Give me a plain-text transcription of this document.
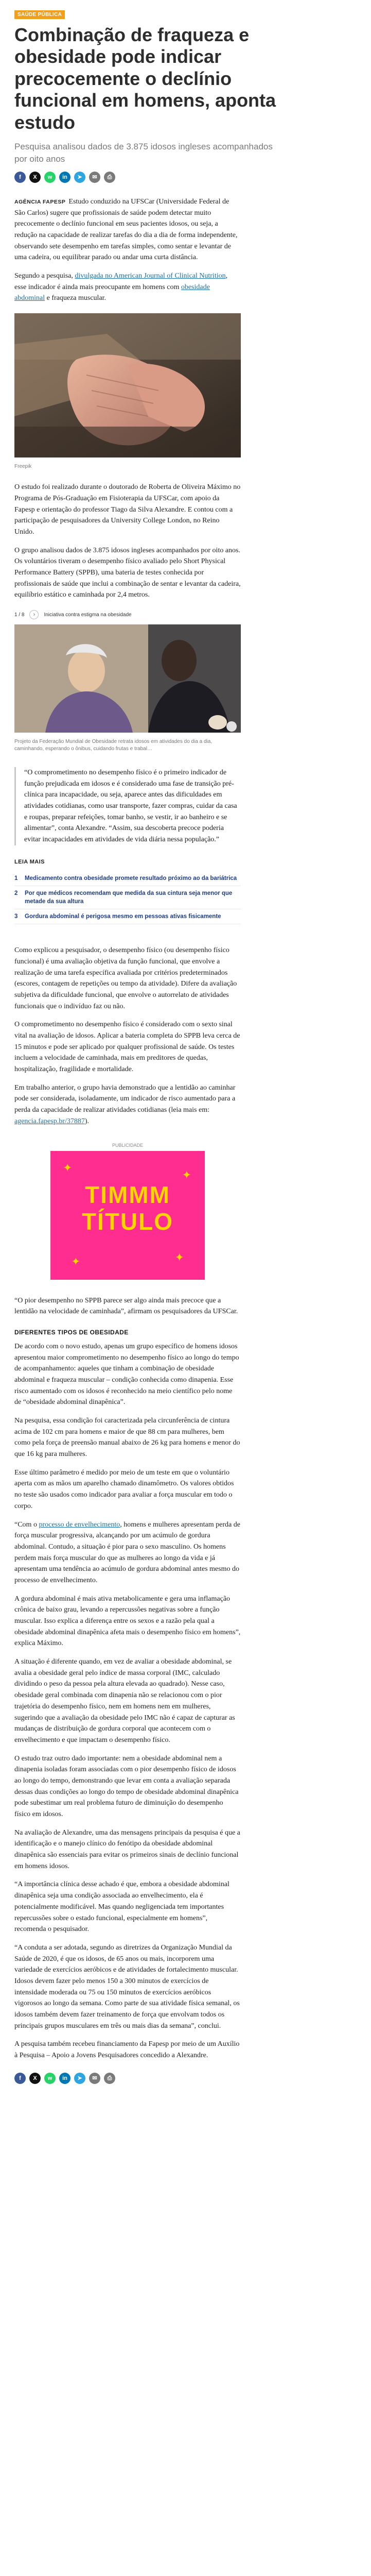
SAÚDE PÚBLICA
Combinação de fraqueza e obesidade pode indicar precocemente o declínio funcional em homens, aponta estudo

Pesquisa analisou dados de 3.875 idosos ingleses acompanhados por oito anos

f	X	w	in	➤	✉	⎙

AGÊNCIA FAPESP Estudo conduzido na UFSCar (Universidade Federal de São Carlos) sugere que profissionais de saúde podem detectar muito precocemente o declínio funcional em seus pacientes idosos, ou seja, a redução na capacidade de realizar tarefas do dia a dia de forma independente, observando sete desempenho em tarefas simples, como sentar e levantar de uma cadeira, ou equilibrar parado ou andar uma curta distância.

Segundo a pesquisa, divulgada no American Journal of Clinical Nutrition, esse indicador é ainda mais preocupante em homens com obesidade abdominal e fraqueza muscular.

Freepik

O estudo foi realizado durante o doutorado de Roberta de Oliveira Máximo no Programa de Pós-Graduação em Fisioterapia da UFSCar, com apoio da Fapesp e orientação do professor Tiago da Silva Alexandre. E contou com a participação de pesquisadores da University College London, no Reino Unido.

O grupo analisou dados de 3.875 idosos ingleses acompanhados por oito anos. Os voluntários tiveram o desempenho físico avaliado pelo Short Physical Performance Battery (SPPB), uma bateria de testes conhecida por profissionais de saúde que inclui a combinação de sentar e levantar da cadeira, equilíbrio estático e caminhada por 2,4 metros.

1 / 8	›	Iniciativa contra estigma na obesidade
Projeto da Federação Mundial de Obesidade retrata idosos em atividades do dia a dia, caminhando, esperando o ônibus, cuidando frutas e trabal…
“O comprometimento no desempenho físico é o primeiro indicador de função prejudicada em idosos e é considerado uma fase de transição pré-clínica para incapacidade, ou seja, aparece antes das dificuldades em atividades cotidianas, como usar transporte, fazer compras, cuidar da casa e roupas, preparar refeições, tomar banho, se vestir, ir ao banheiro e se alimentar”, conta Alexandre. “Assim, sua descoberta precoce poderia evitar incapacidades em atividades de vida diária nessa população.”
LEIA MAIS
1	Medicamento contra obesidade promete resultado próximo ao da bariátrica
2	Por que médicos recomendam que medida da sua cintura seja menor que metade da sua altura
3	Gordura abdominal é perigosa mesmo em pessoas ativas fisicamente

Como explicou a pesquisador, o desempenho físico (ou desempenho físico funcional) é uma avaliação objetiva da função funcional, que envolve a realização de uma tarefa específica avaliada por critérios predeterminados (escores, contagem de repetições ou tempo da atividade). Difere da avaliação subjetiva da dificuldade funcional, que envolve o autorrelato de atividades funcionais que o indivíduo faz ou não.

O comprometimento no desempenho físico é considerado com o sexto sinal vital na avaliação de idosos. Aplicar a bateria completa do SPPB leva cerca de 15 minutos e pode ser aplicado por qualquer profissional de saúde. Os testes incluem a velocidade de caminhada, mais em preditores de quedas, hospitalização, fragilidade e mortalidade.

Em trabalho anterior, o grupo havia demonstrado que a lentidão ao caminhar pode ser considerada, isoladamente, um indicador de risco aumentado para a perda da capacidade de realizar atividades cotidianas (leia mais em: agencia.fapesp.br/37887).

PUBLICIDADE
✦
✦
✦	✦
TIMMM
TÍTULO

“O pior desempenho no SPPB parece ser algo ainda mais precoce que a lentidão na velocidade de caminhada”, afirmam os pesquisadores da UFSCar.

DIFERENTES TIPOS DE OBESIDADE

De acordo com o novo estudo, apenas um grupo específico de homens idosos apresentou maior comprometimento no desempenho físico ao longo do tempo de acompanhamento: aqueles que tinham a combinação de obesidade abdominal e fraqueza muscular – condição conhecida como dinapenia. Esse risco aumentado com os idosos é reconhecido na meio científico pelo nome de “obesidade abdominal dinapênica”.

Na pesquisa, essa condição foi caracterizada pela circunferência de cintura acima de 102 cm para homens e maior de que 88 cm para mulheres, bem como pela força de preensão manual abaixo de 26 kg para homens e menor do que 16 kg para mulheres.

Esse último parâmetro é medido por meio de um teste em que o voluntário aperta com as mãos um aparelho chamado dinamômetro. Os valores obtidos no teste são usados como indicador para avaliar a força muscular em todo o corpo.

“Com o processo de envelhecimento, homens e mulheres apresentam perda de força muscular progressiva, alcançando por um acúmulo de gordura abdominal. Contudo, a situação é pior para o sexo masculino. Os homens perdem mais força muscular do que as mulheres ao longo da vida e já apresentam uma tendência ao acúmulo de gordura abdominal antes mesmo do processo de envelhecimento.

A gordura abdominal é mais ativa metabolicamente e gera uma inflamação crônica de baixo grau, levando a repercussões negativas sobre a função muscular. Isso explica a diferença entre os sexos e a razão pela qual a obesidade abdominal dinapênica afeta mais o desempenho físico em homens”, explica Máximo.

A situação é diferente quando, em vez de avaliar a obesidade abdominal, se avalia a obesidade geral pelo índice de massa corporal (IMC, calculado dividindo o peso da pessoa pela altura elevada ao quadrado). Nesse caso, obesidade geral combinada com dinapenia não se relacionou com o pior trajetória do desempenho físico, nem em homens nem em mulheres, sugerindo que a avaliação da obesidade pelo IMC não é capaz de capturar as mudanças de distribuição de gordura corporal que acontecem com o envelhecimento e que impactam o desempenho físico.

O estudo traz outro dado importante: nem a obesidade abdominal nem a dinapenia isoladas foram associadas com o pior desempenho físico de idosos ao longo do tempo, demonstrando que levar em conta a avaliação separada dessas duas condições ao longo do tempo de obesidade abdominal dinapênica pode subestimar um real problema futuro de diminuição do desempenho físico em idosos.

Na avaliação de Alexandre, uma das mensagens principais da pesquisa é que a identificação e o manejo clínico do fenótipo da obesidade abdominal dinapênica são essenciais para evitar os primeiros sinais de declínio funcional em homens idosos.

“A importância clínica desse achado é que, embora a obesidade abdominal dinapênica seja uma condição associada ao envelhecimento, ela é potencialmente modificável. Mas quando negligenciada tem importantes repercussões sobre o estado funcional, especialmente em homens”, recomenda o pesquisador.

“A conduta a ser adotada, segundo as diretrizes da Organização Mundial da Saúde de 2020, é que os idosos, de 65 anos ou mais, incorporem uma variedade de exercícios aeróbicos e de atividades de fortalecimento muscular. Idosos devem fazer pelo menos 150 a 300 minutos de exercícios de intensidade moderada ou 75 ou 150 minutos de exercícios aeróbicos vigorosos ao longo da semana. Como parte de sua atividade física semanal, os idosos também devem fazer treinamento de força que envolvam todos os principais grupos musculares em três ou mais dias da semana”, conclui.

A pesquisa também recebeu financiamento da Fapesp por meio de um Auxílio à Pesquisa – Apoio a Jovens Pesquisadores concedido a Alexandre.

f	X	w	in	➤	✉	⎙
